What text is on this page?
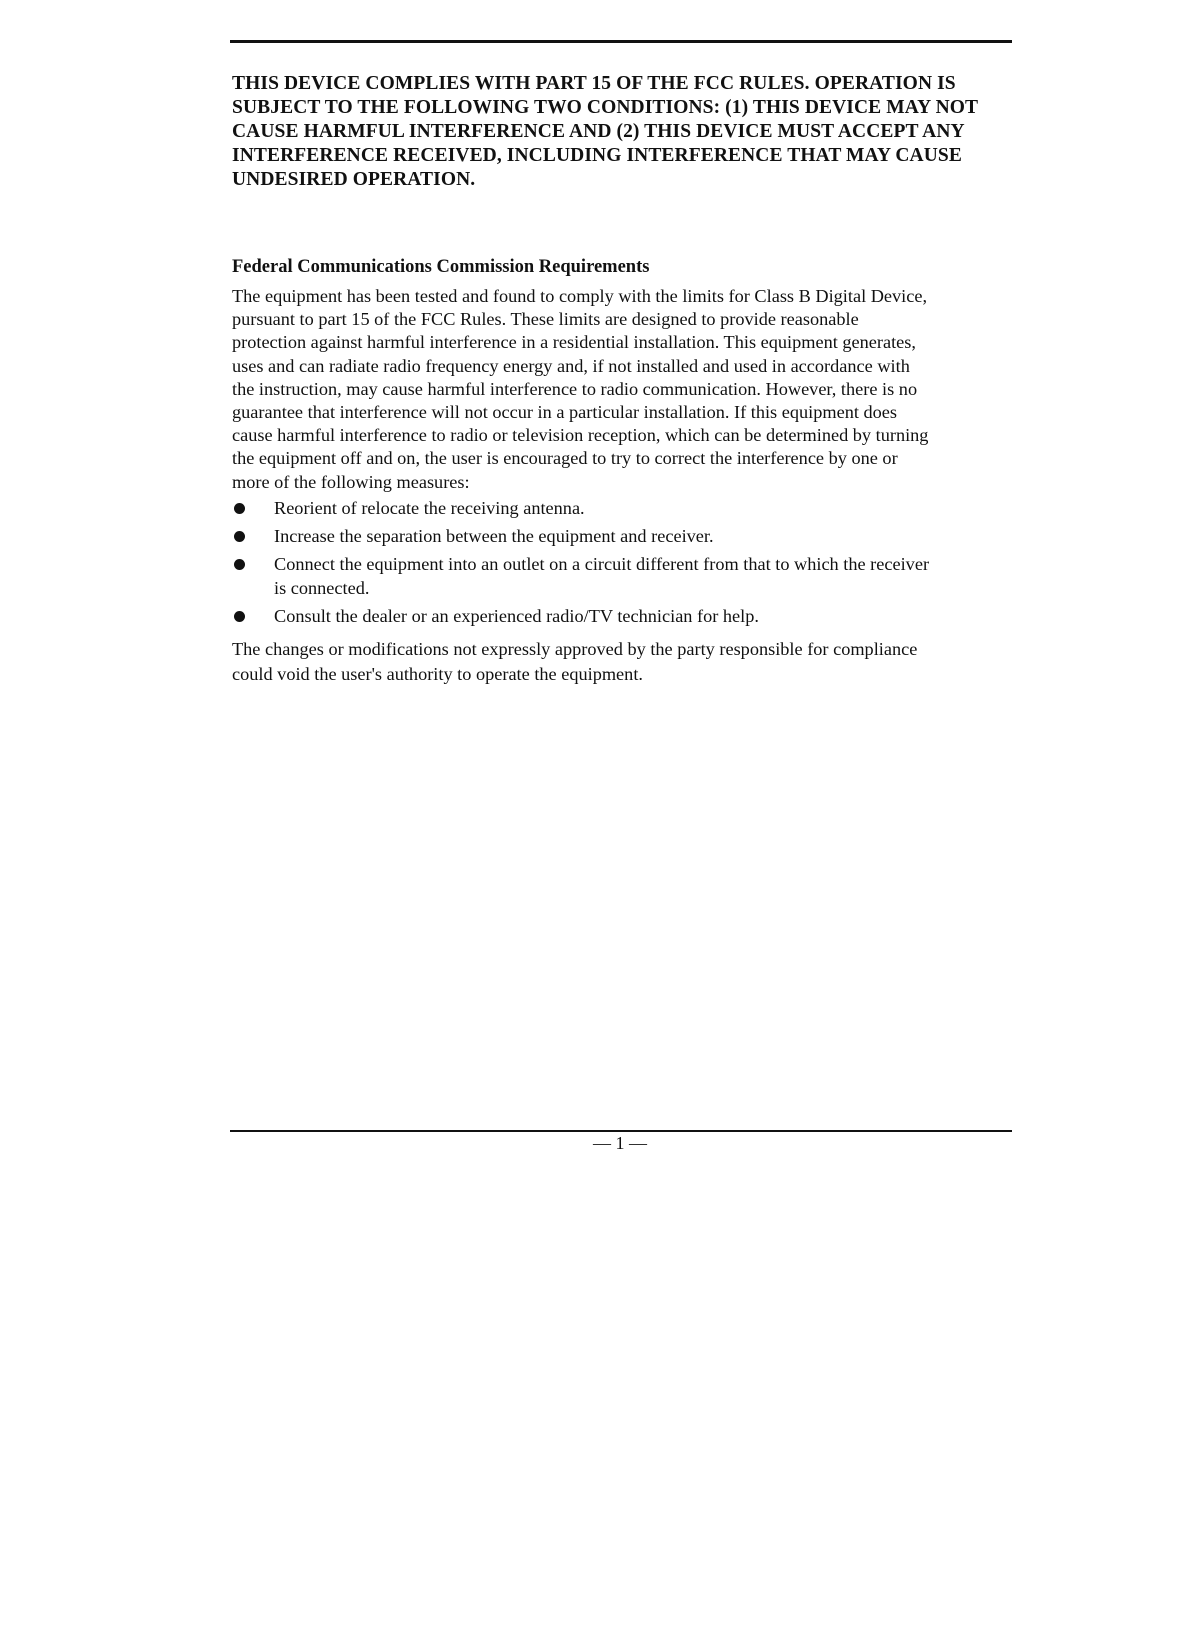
THIS DEVICE COMPLIES WITH PART 15 OF THE FCC RULES. OPERATION IS
SUBJECT TO THE FOLLOWING TWO CONDITIONS: (1) THIS DEVICE MAY NOT
CAUSE HARMFUL INTERFERENCE AND (2) THIS DEVICE MUST ACCEPT ANY
INTERFERENCE RECEIVED, INCLUDING INTERFERENCE THAT MAY CAUSE
UNDESIRED OPERATION.

Federal Communications Commission Requirements

The equipment has been tested and found to comply with the limits for Class B Digital Device,
pursuant to part 15 of the FCC Rules. These limits are designed to provide reasonable
protection against harmful interference in a residential installation. This equipment generates,
uses and can radiate radio frequency energy and, if not installed and used in accordance with
the instruction, may cause harmful interference to radio communication. However, there is no
guarantee that interference will not occur in a particular installation. If this equipment does
cause harmful interference to radio or television reception, which can be determined by turning
the equipment off and on, the user is encouraged to try to correct the interference by one or
more of the following measures:

Reorient of relocate the receiving antenna.
Increase the separation between the equipment and receiver.
Connect the equipment into an outlet on a circuit different from that to which the receiver
is connected.
Consult the dealer or an experienced radio/TV technician for help.

The changes or modifications not expressly approved by the party responsible for compliance
could void the user's authority to operate the equipment.

— 1 —
